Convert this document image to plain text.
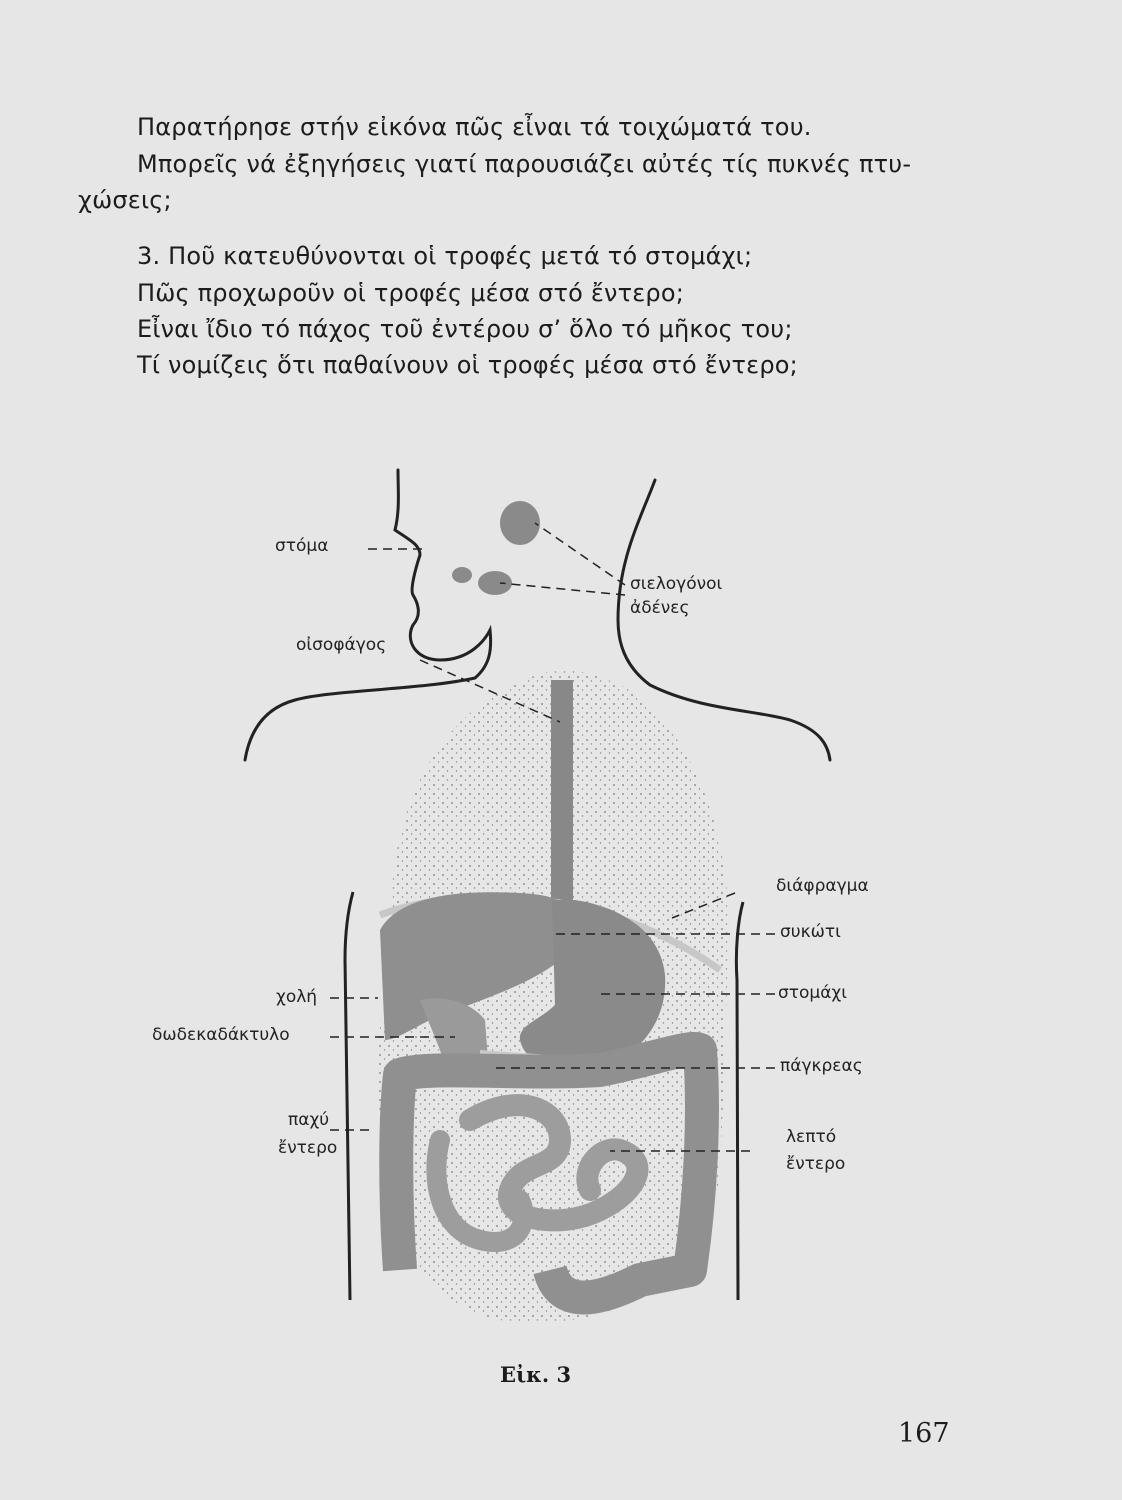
Παρατήρησε στήν εἰκόνα πῶς εἶναι τά τοιχώματά του.
Μπορεῖς νά ἐξηγήσεις γιατί παρουσιάζει αὐτές τίς πυκνές πτυ-
χώσεις;
3. Ποῦ κατευθύνονται οἱ τροφές μετά τό στομάχι;
Πῶς προχωροῦν οἱ τροφές μέσα στό ἔντερο;
Εἶναι ἴδιο τό πάχος τοῦ ἐντέρου σ’ ὅλο τό μῆκος του;
Τί νομίζεις ὅτι παθαίνουν οἱ τροφές μέσα στό ἔντερο;
στόμα
σιελογόνοι
ἀδένες
οἰσοφάγος
διάφραγμα
συκώτι
στομάχι
χολή
δωδεκαδάκτυλο
πάγκρεας
παχύ
ἔντερο
λεπτό
ἔντερο
Εἰκ. 3
167
